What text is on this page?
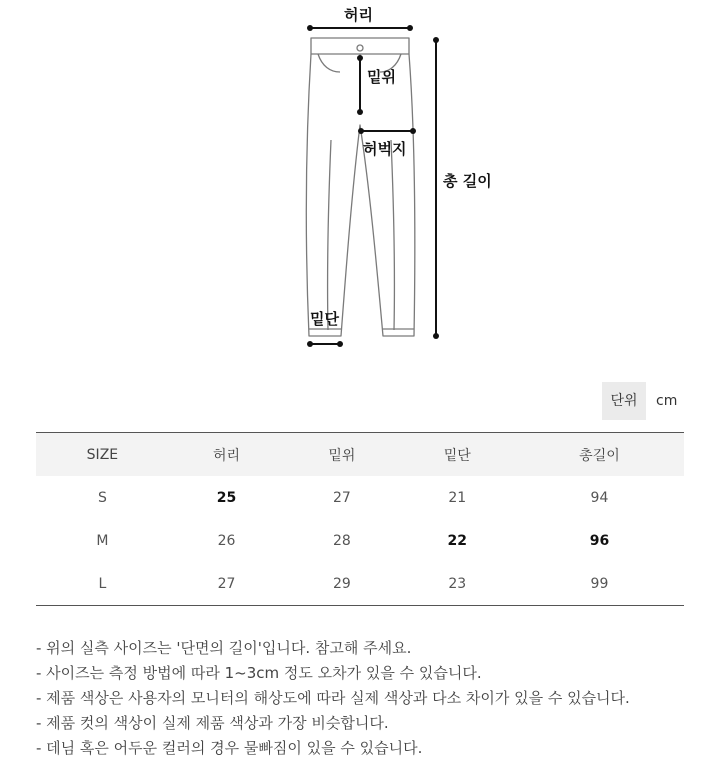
허리
밑위
허벅지
총 길이
밑단
단위	cm
SIZE	허리	밑위	밑단	총길이
S	25	27	21	94
M	26	28	22	96
L	27	29	23	99
- 위의 실측 사이즈는 '단면의 길이'입니다. 참고해 주세요.
- 사이즈는 측정 방법에 따라 1~3cm 정도 오차가 있을 수 있습니다.
- 제품 색상은 사용자의 모니터의 해상도에 따라 실제 색상과 다소 차이가 있을 수 있습니다.
- 제품 컷의 색상이 실제 제품 색상과 가장 비슷합니다.
- 데님 혹은 어두운 컬러의 경우 물빠짐이 있을 수 있습니다.
